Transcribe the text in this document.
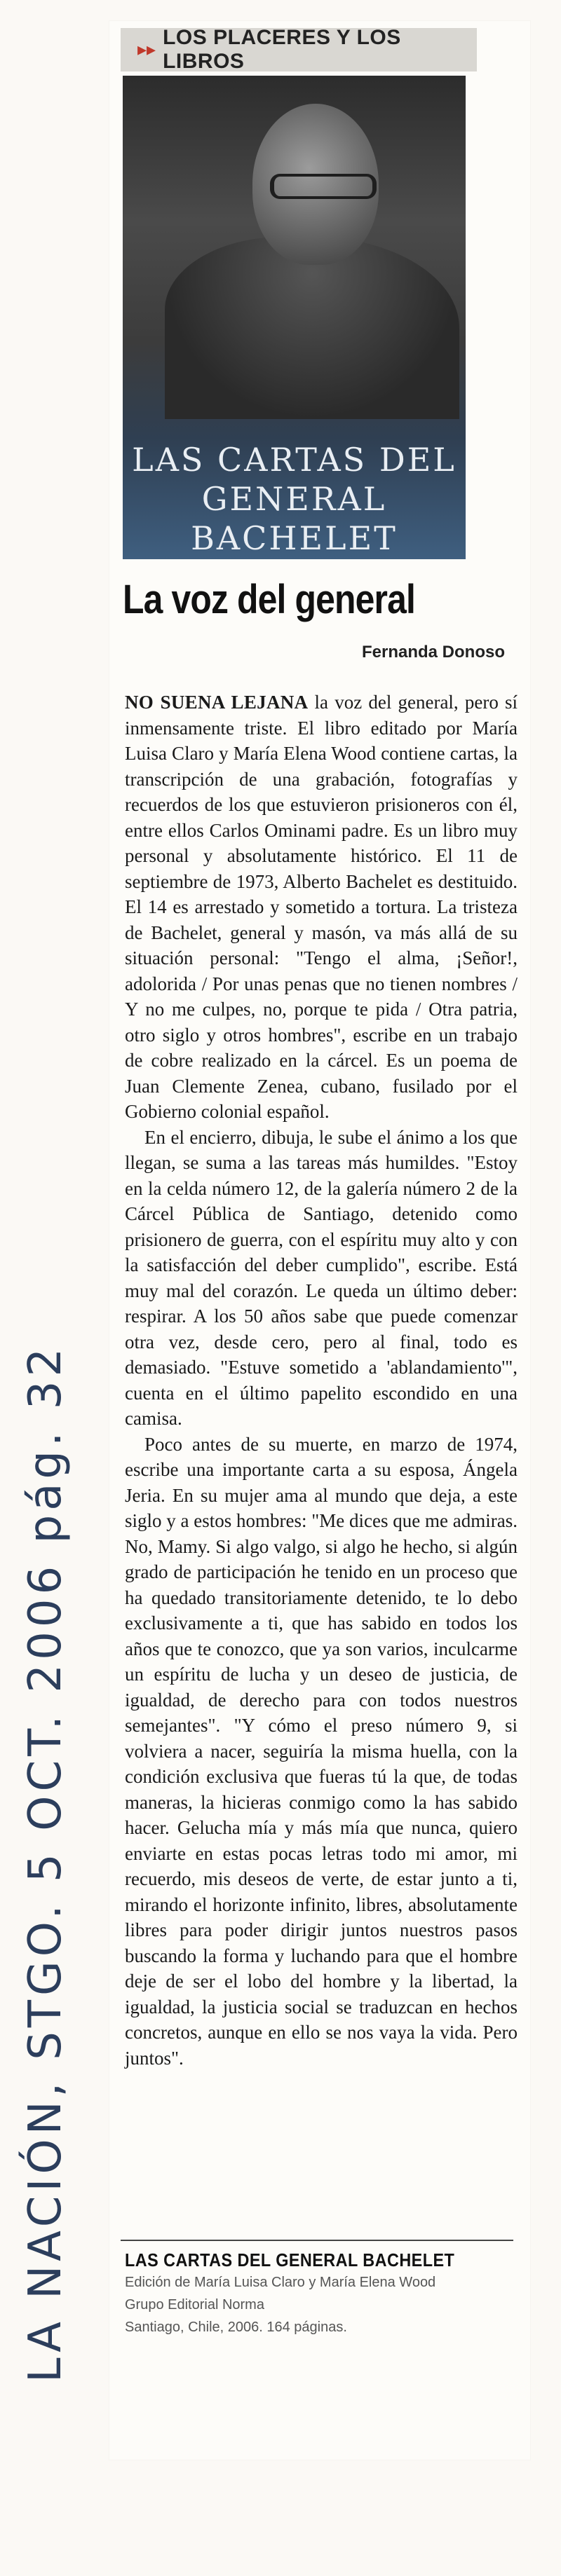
LA NACIÓN, STGO. 5 OCT. 2006 pág. 32
▸▸
LOS PLACERES Y LOS LIBROS
LAS CARTAS DEL
GENERAL BACHELET
La voz del general
Fernanda Donoso

NO SUENA LEJANA la voz del general, pero sí inmensamente triste. El libro editado por María Luisa Claro y María Elena Wood contiene cartas, la transcripción de una grabación, fotografías y recuerdos de los que estuvieron prisioneros con él, entre ellos Carlos Ominami padre. Es un libro muy personal y absolutamente histórico. El 11 de septiembre de 1973, Alberto Bachelet es destituido. El 14 es arrestado y sometido a tortura. La tristeza de Bachelet, general y masón, va más allá de su situación personal: "Tengo el alma, ¡Señor!, adolorida / Por unas penas que no tienen nombres / Y no me culpes, no, porque te pida / Otra patria, otro siglo y otros hombres", escribe en un trabajo de cobre realizado en la cárcel. Es un poema de Juan Clemente Zenea, cubano, fusilado por el Gobierno colonial español.

En el encierro, dibuja, le sube el ánimo a los que llegan, se suma a las tareas más humildes. "Estoy en la celda número 12, de la galería número 2 de la Cárcel Pública de Santiago, detenido como prisionero de guerra, con el espíritu muy alto y con la satisfacción del deber cumplido", escribe. Está muy mal del corazón. Le queda un último deber: respirar. A los 50 años sabe que puede comenzar otra vez, desde cero, pero al final, todo es demasiado. "Estuve sometido a 'ablandamiento'", cuenta en el último papelito escondido en una camisa.

Poco antes de su muerte, en marzo de 1974, escribe una importante carta a su esposa, Ángela Jeria. En su mujer ama al mundo que deja, a este siglo y a estos hombres: "Me dices que me admiras. No, Mamy. Si algo valgo, si algo he hecho, si algún grado de participación he tenido en un proceso que ha quedado transitoriamente detenido, te lo debo exclusivamente a ti, que has sabido en todos los años que te conozco, que ya son varios, inculcarme un espíritu de lucha y un deseo de justicia, de igualdad, de derecho para con todos nuestros semejantes". "Y cómo el preso número 9, si volviera a nacer, seguiría la misma huella, con la condición exclusiva que fueras tú la que, de todas maneras, la hicieras conmigo como la has sabido hacer. Gelucha mía y más mía que nunca, quiero enviarte en estas pocas letras todo mi amor, mi recuerdo, mis deseos de verte, de estar junto a ti, mirando el horizonte infinito, libres, absolutamente libres para poder dirigir juntos nuestros pasos buscando la forma y luchando para que el hombre deje de ser el lobo del hombre y la libertad, la igualdad, la justicia social se traduzcan en hechos concretos, aunque en ello se nos vaya la vida. Pero juntos".

LAS CARTAS DEL GENERAL BACHELET
Edición de María Luisa Claro y María Elena Wood
Grupo Editorial Norma
Santiago, Chile, 2006. 164 páginas.
